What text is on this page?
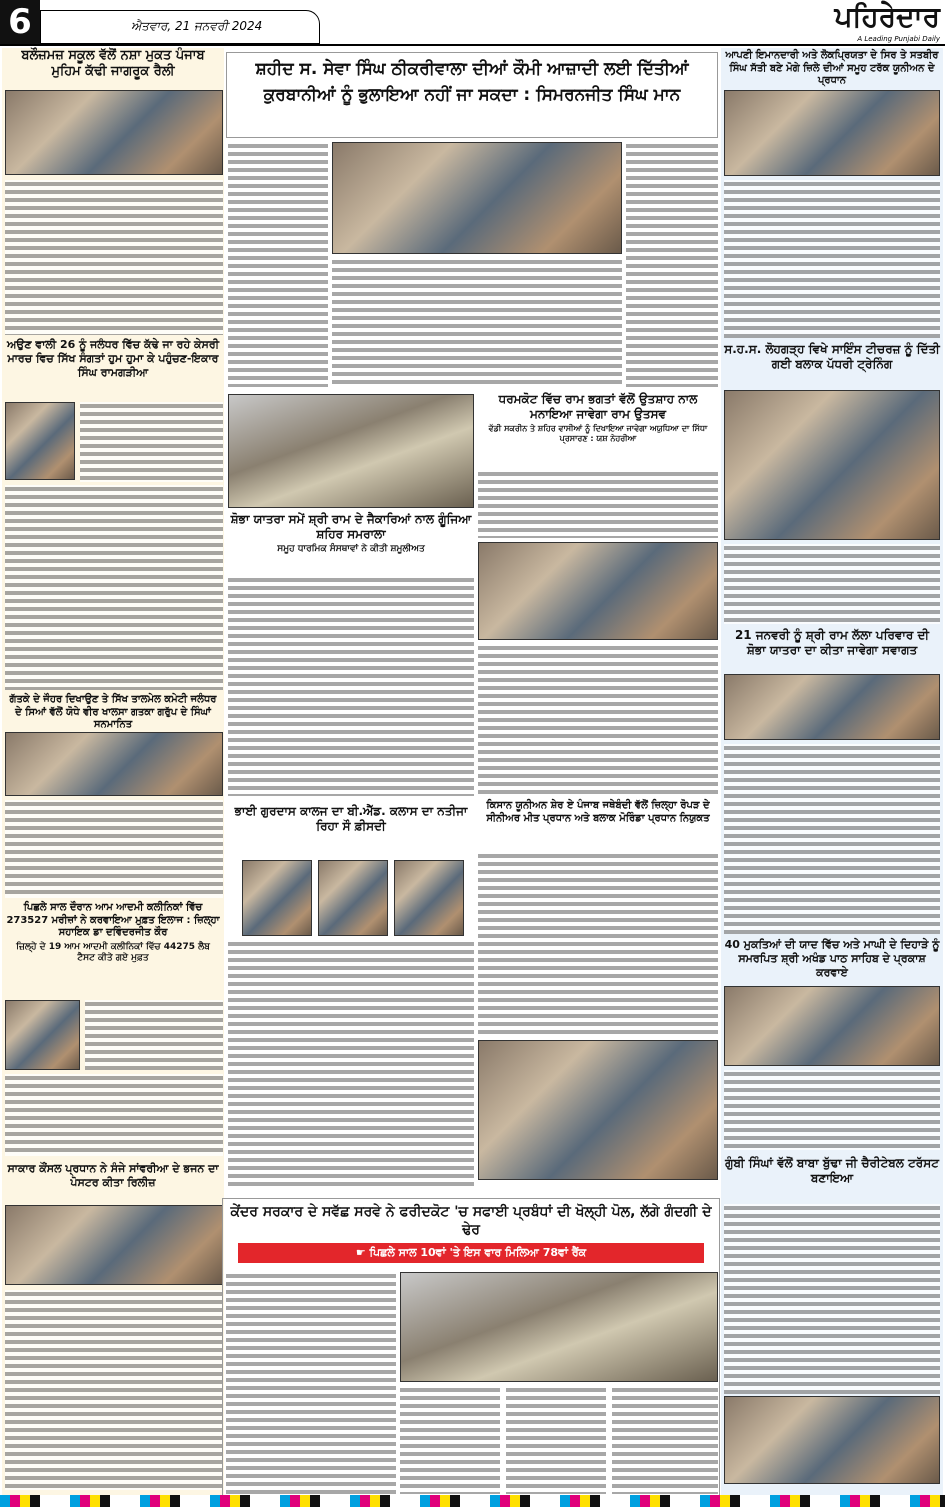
6	ਐਤਵਾਰ, 21 ਜਨਵਰੀ 2024	ਪਹਿਰੇਦਾਰ
A Leading Punjabi Daily
ਬਲੌਜ਼ਮਜ਼ ਸਕੂਲ ਵੱਲੋਂ ਨਸ਼ਾ ਮੁਕਤ ਪੰਜਾਬ ਮੁਹਿਮ ਕੱਢੀ ਜਾਗਰੂਕ ਰੈਲੀ
ਅਉਣ ਵਾਲੀ 26 ਨੂੰ ਜਲੰਧਰ ਵਿੱਚ ਕੱਢੇ ਜਾ ਰਹੇ ਕੇਸਰੀ ਮਾਰਚ ਵਿਚ ਸਿੱਖ ਸੰਗਤਾਂ ਹੁਮ ਹੁਮਾ ਕੇ ਪਹੁੰਚਣ-ਇਕਾਰ ਸਿੰਘ ਰਾਮਗੜੀਆ
ਗੱਤਕੇ ਦੇ ਜੌਹਰ ਦਿਖਾਉਣ ਤੇ ਸਿੱਖ ਤਾਲਮੇਲ ਕਮੇਟੀ ਜਲੰਧਰ ਦੇ ਸਿਆਂ ਵੱਲੋਂ ਯੋਧੇ ਵੀਰ ਖਾਲਸਾ ਗਤਕਾ ਗਰੁੱਪ ਦੇ ਸਿੰਘਾਂ ਸਨਮਾਨਿਤ
ਪਿਛਲੇ ਸਾਲ ਦੌਰਾਨ ਆਮ ਆਦਮੀ ਕਲੀਨਿਕਾਂ ਵਿੱਚ 273527 ਮਰੀਜ਼ਾਂ ਨੇ ਕਰਵਾਇਆ ਮੁਫ਼ਤ ਇਲਾਜ : ਜ਼ਿਲ੍ਹਾ ਸਹਾਇਕ ਡਾ ਦਵਿੰਦਰਜੀਤ ਕੌਰ
ਜ਼ਿਲ੍ਹੇ ਦੇ 19 ਆਮ ਆਦਮੀ ਕਲੀਨਿਕਾਂ ਵਿੱਚ 44275 ਲੈਬ ਟੈਸਟ ਕੀਤੇ ਗਏ ਮੁਫ਼ਤ
ਸਾਕਾਰ ਕੌਂਸਲ ਪ੍ਰਧਾਨ ਨੇ ਸੰਜੇ ਸਾਂਵਰੀਆ ਦੇ ਭਜਨ ਦਾ ਪੋਸਟਰ ਕੀਤਾ ਰਿਲੀਜ਼
ਸ਼ਹੀਦ ਸ. ਸੇਵਾ ਸਿੰਘ ਠੀਕਰੀਵਾਲਾ ਦੀਆਂ ਕੌਮੀ ਆਜ਼ਾਦੀ ਲਈ ਦਿੱਤੀਆਂ ਕੁਰਬਾਨੀਆਂ ਨੂੰ ਭੁਲਾਇਆ ਨਹੀਂ ਜਾ ਸਕਦਾ : ਸਿਮਰਨਜੀਤ ਸਿੰਘ ਮਾਨ
ਸ਼ੋਭਾ ਯਾਤਰਾ ਸਮੇਂ ਸ਼੍ਰੀ ਰਾਮ ਦੇ ਜੈਕਾਰਿਆਂ ਨਾਲ ਗੂੰਜਿਆ ਸ਼ਹਿਰ ਸਮਰਾਲਾ
ਸਮੂਹ ਧਾਰਮਿਕ ਸੰਸਥਾਵਾਂ ਨੇ ਕੀਤੀ ਸ਼ਮੂਲੀਅਤ
ਭਾਈ ਗੁਰਦਾਸ ਕਾਲਜ ਦਾ ਬੀ.ਐੱਡ. ਕਲਾਸ ਦਾ ਨਤੀਜਾ ਰਿਹਾ ਸੌ ਫ਼ੀਸਦੀ
ਧਰਮਕੋਟ ਵਿੱਚ ਰਾਮ ਭਗਤਾਂ ਵੱਲੋਂ ਉਤਸ਼ਾਹ ਨਾਲ ਮਨਾਇਆ ਜਾਵੇਗਾ ਰਾਮ ਉਤਸਵ
ਵੱਡੀ ਸਕਰੀਨ ਤੇ ਸ਼ਹਿਰ ਵਾਸੀਆਂ ਨੂੰ ਦਿਖਾਇਆ ਜਾਵੇਗਾ ਅਯੁਧਿਆ ਦਾ ਸਿੱਧਾ ਪ੍ਰਸਾਰਣ : ਯਸ਼ ਨੇਹਰੀਆ
ਕਿਸਾਨ ਯੂਨੀਅਨ ਸ਼ੇਰ ਏ ਪੰਜਾਬ ਜਥੇਬੰਦੀ ਵੱਲੋਂ ਜ਼ਿਲ੍ਹਾ ਰੋਪੜ ਦੇ ਸੀਨੀਅਰ ਮੀਤ ਪ੍ਰਧਾਨ ਅਤੇ ਬਲਾਕ ਮੋਰਿੰਡਾ ਪ੍ਰਧਾਨ ਨਿਯੁਕਤ
ਕੇਂਦਰ ਸਰਕਾਰ ਦੇ ਸਵੱਛ ਸਰਵੇ ਨੇ ਫਰੀਦਕੋਟ 'ਚ ਸਫਾਈ ਪ੍ਰਬੰਧਾਂ ਦੀ ਖੋਲ੍ਹੀ ਪੋਲ, ਲੱਗੇ ਗੰਦਗੀ ਦੇ ਢੇਰ
☛ ਪਿਛਲੇ ਸਾਲ 10ਵਾਂ 'ਤੇ ਇਸ ਵਾਰ ਮਿਲਿਆ 78ਵਾਂ ਰੈਂਕ
ਆਪਣੀ ਇਮਾਨਦਾਰੀ ਅਤੇ ਲੋਕਪ੍ਰਿਯਤਾ ਦੇ ਸਿਰ ਤੇ ਸਤਬੀਰ ਸਿੰਘ ਸੱਤੀ ਬਣੇ ਮੋਗੇ ਜ਼ਿਲੇ ਦੀਆਂ ਸਮੂਹ ਟਰੱਕ ਯੂਨੀਅਨ ਦੇ ਪ੍ਰਧਾਨ
ਸ.ਹ.ਸ. ਲੋਹਗੜ੍ਹ ਵਿਖੇ ਸਾਇੰਸ ਟੀਚਰਜ਼ ਨੂੰ ਦਿੱਤੀ ਗਈ ਬਲਾਕ ਪੱਧਰੀ ਟ੍ਰੇਨਿੰਗ
21 ਜਨਵਰੀ ਨੂੰ ਸ਼੍ਰੀ ਰਾਮ ਲੱਲਾ ਪਰਿਵਾਰ ਦੀ ਸ਼ੋਭਾ ਯਾਤਰਾ ਦਾ ਕੀਤਾ ਜਾਵੇਗਾ ਸਵਾਗਤ
40 ਮੁਕਤਿਆਂ ਦੀ ਯਾਦ ਵਿੱਚ ਅਤੇ ਮਾਘੀ ਦੇ ਦਿਹਾੜੇ ਨੂੰ ਸਮਰਪਿਤ ਸ਼੍ਰੀ ਅਖੰਡ ਪਾਠ ਸਾਹਿਬ ਦੇ ਪ੍ਰਕਾਸ਼ ਕਰਵਾਏ
ਗੁੰਬੀ ਸਿੰਘਾਂ ਵੱਲੋਂ ਬਾਬਾ ਬੁੱਢਾ ਜੀ ਚੈਰੀਟੇਬਲ ਟਰੱਸਟ ਬਣਾਇਆ
